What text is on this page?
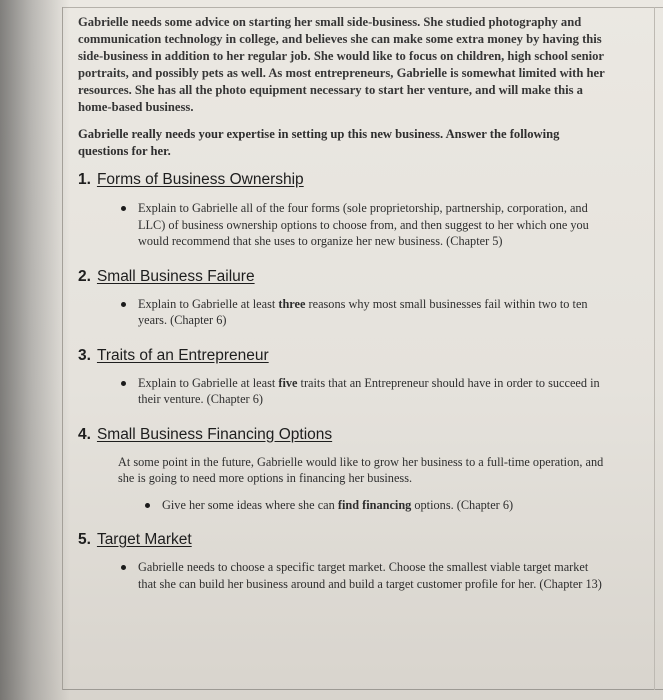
Gabrielle needs some advice on starting her small side-business. She studied photography and communication technology in college, and believes she can make some extra money by having this side-business in addition to her regular job. She would like to focus on children, high school senior portraits, and possibly pets as well. As most entrepreneurs, Gabrielle is somewhat limited with her resources. She has all the photo equipment necessary to start her venture, and will make this a home-based business.

Gabrielle really needs your expertise in setting up this new business. Answer the following questions for her.

1. Forms of Business Ownership
Explain to Gabrielle all of the four forms (sole proprietorship, partnership, corporation, and LLC) of business ownership options to choose from, and then suggest to her which one you would recommend that she uses to organize her new business. (Chapter 5)
2. Small Business Failure
Explain to Gabrielle at least three reasons why most small businesses fail within two to ten years. (Chapter 6)
3. Traits of an Entrepreneur
Explain to Gabrielle at least five traits that an Entrepreneur should have in order to succeed in their venture. (Chapter 6)
4. Small Business Financing Options

At some point in the future, Gabrielle would like to grow her business to a full-time operation, and she is going to need more options in financing her business.

Give her some ideas where she can find financing options. (Chapter 6)
5. Target Market
Gabrielle needs to choose a specific target market. Choose the smallest viable target market that she can build her business around and build a target customer profile for her. (Chapter 13)
